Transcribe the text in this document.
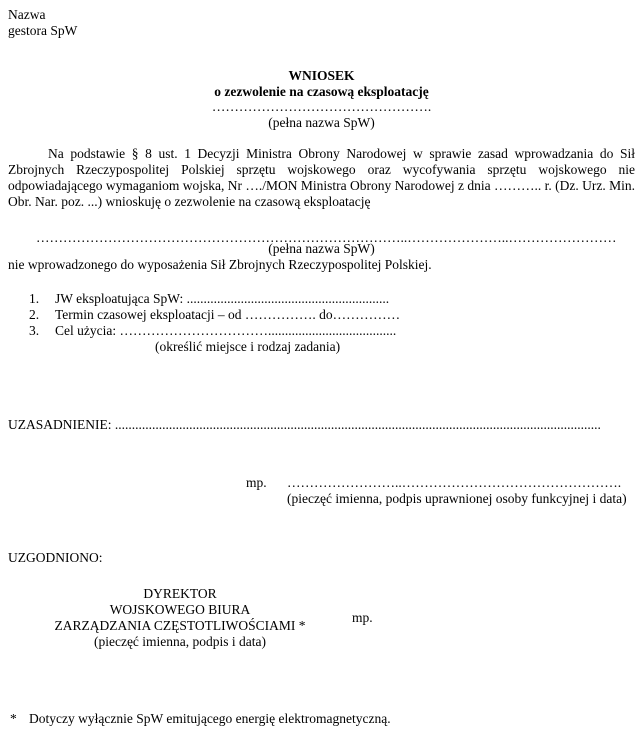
Nazwa
gestora SpW
WNIOSEK
o zezwolenie na czasową eksploatację
………………………………………….
(pełna nazwa SpW)
Na podstawie § 8 ust. 1 Decyzji Ministra Obrony Narodowej w sprawie zasad wprowadzania do Sił Zbrojnych Rzeczypospolitej Polskiej sprzętu wojskowego oraz wycofywania sprzętu wojskowego nie odpowiadającego wymaganiom wojska, Nr …./MON Ministra Obrony Narodowej z dnia ……….. r. (Dz. Urz. Min. Obr. Nar. poz. ...) wnioskuję o zezwolenie na czasową eksploatację
………………………………………………………………………..…………………..……………………
(pełna nazwa SpW)
nie wprowadzonego do wyposażenia Sił Zbrojnych Rzeczypospolitej Polskiej.
1. JW eksploatująca SpW: ............................................................
2. Termin czasowej eksploatacji – od ……………. do……………
3. Cel użycia: ……………………………......................................
(określić miejsce i rodzaj zadania)
UZASADNIENIE: ................................................................................................................................................
mp. ……………………..………………………………………….
(pieczęć imienna, podpis uprawnionej osoby funkcyjnej i data)
UZGODNIONO:
DYREKTOR
WOJSKOWEGO BIURA
ZARZĄDZANIA CZĘSTOTLIWOŚCIAMI *
(pieczęć imienna, podpis i data)
mp.
* Dotyczy wyłącznie SpW emitującego energię elektromagnetyczną.
